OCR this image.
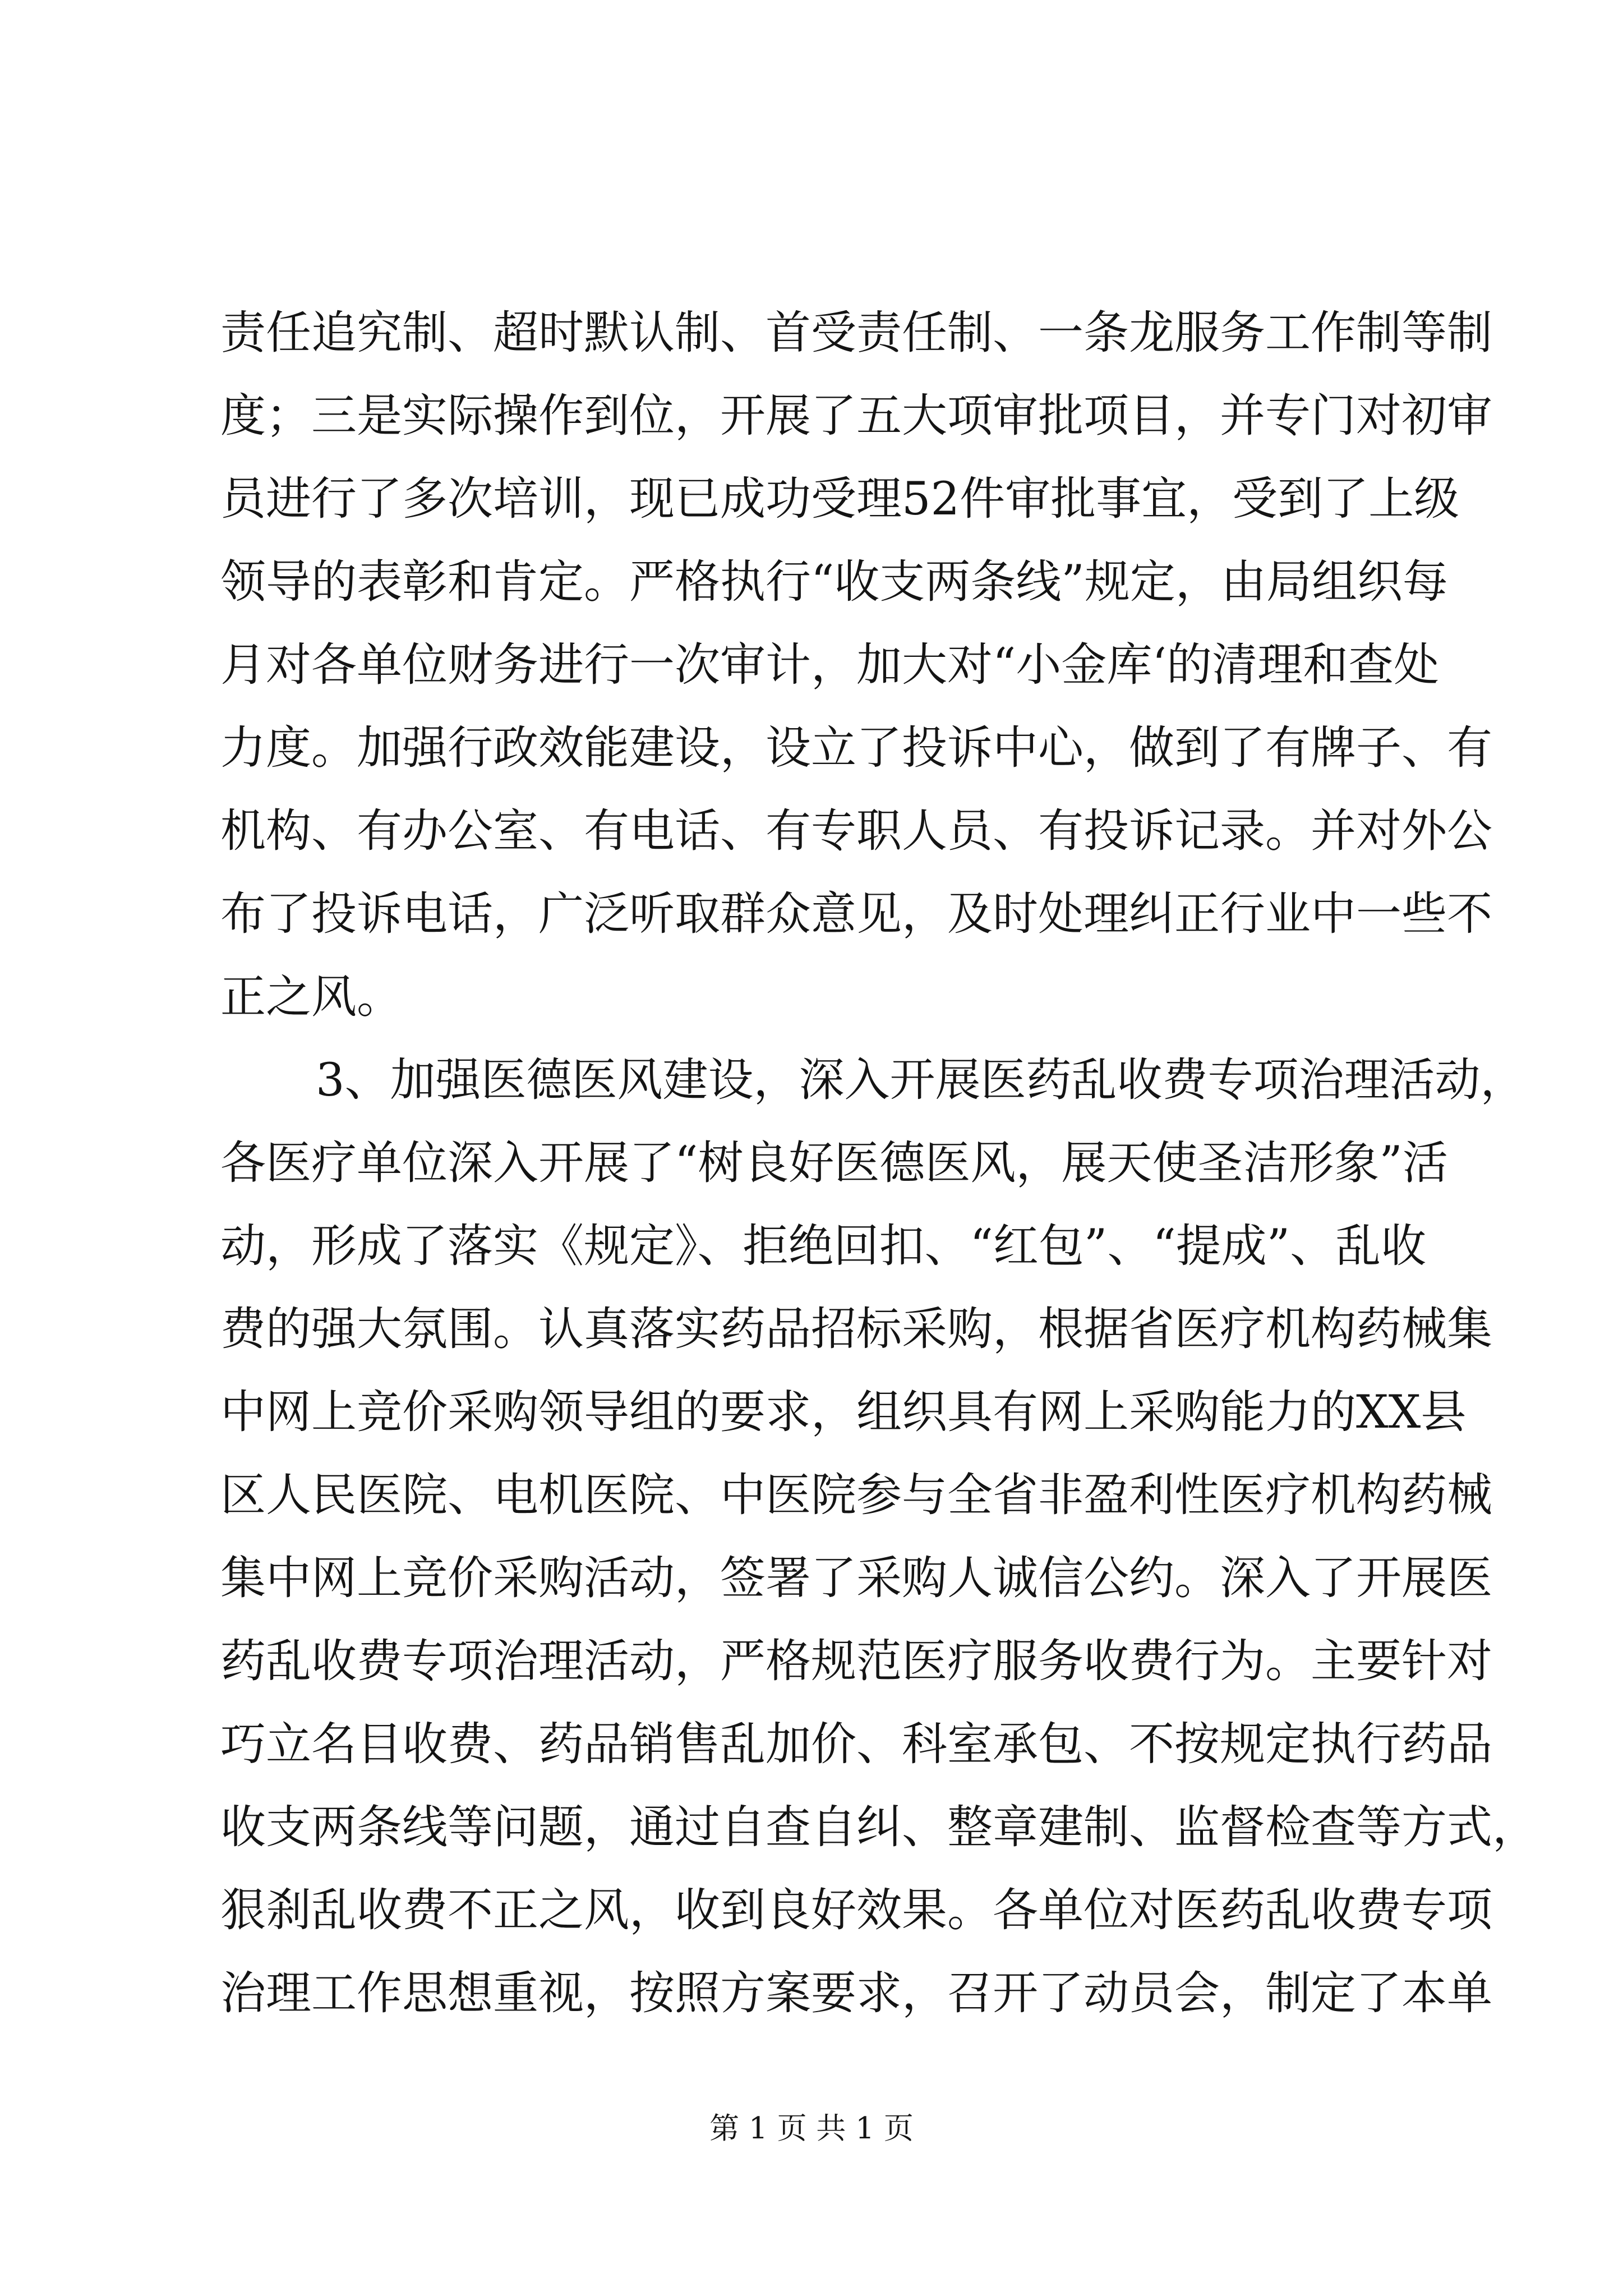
责任追究制、超时默认制、首受责任制、一条龙服务工作制等制
度；三是实际操作到位，开展了五大项审批项目，并专门对初审
员进行了多次培训，现已成功受理52件审批事宜，受到了上级
领导的表彰和肯定。严格执行“收支两条线”规定，由局组织每
月对各单位财务进行一次审计，加大对“小金库‘的清理和查处
力度。加强行政效能建设，设立了投诉中心，做到了有牌子、有
机构、有办公室、有电话、有专职人员、有投诉记录。并对外公
布了投诉电话，广泛听取群众意见，及时处理纠正行业中一些不
正之风。
3、加强医德医风建设，深入开展医药乱收费专项治理活动，
各医疗单位深入开展了“树良好医德医风，展天使圣洁形象”活
动，形成了落实《规定》、拒绝回扣、“红包”、“提成”、乱收
费的强大氛围。认真落实药品招标采购，根据省医疗机构药械集
中网上竞价采购领导组的要求，组织具有网上采购能力的XX县
区人民医院、电机医院、中医院参与全省非盈利性医疗机构药械
集中网上竞价采购活动，签署了采购人诚信公约。深入了开展医
药乱收费专项治理活动，严格规范医疗服务收费行为。主要针对
巧立名目收费、药品销售乱加价、科室承包、不按规定执行药品
收支两条线等问题，通过自查自纠、整章建制、监督检查等方式，
狠刹乱收费不正之风，收到良好效果。各单位对医药乱收费专项
治理工作思想重视，按照方案要求，召开了动员会，制定了本单
第 1 页 共 1 页
